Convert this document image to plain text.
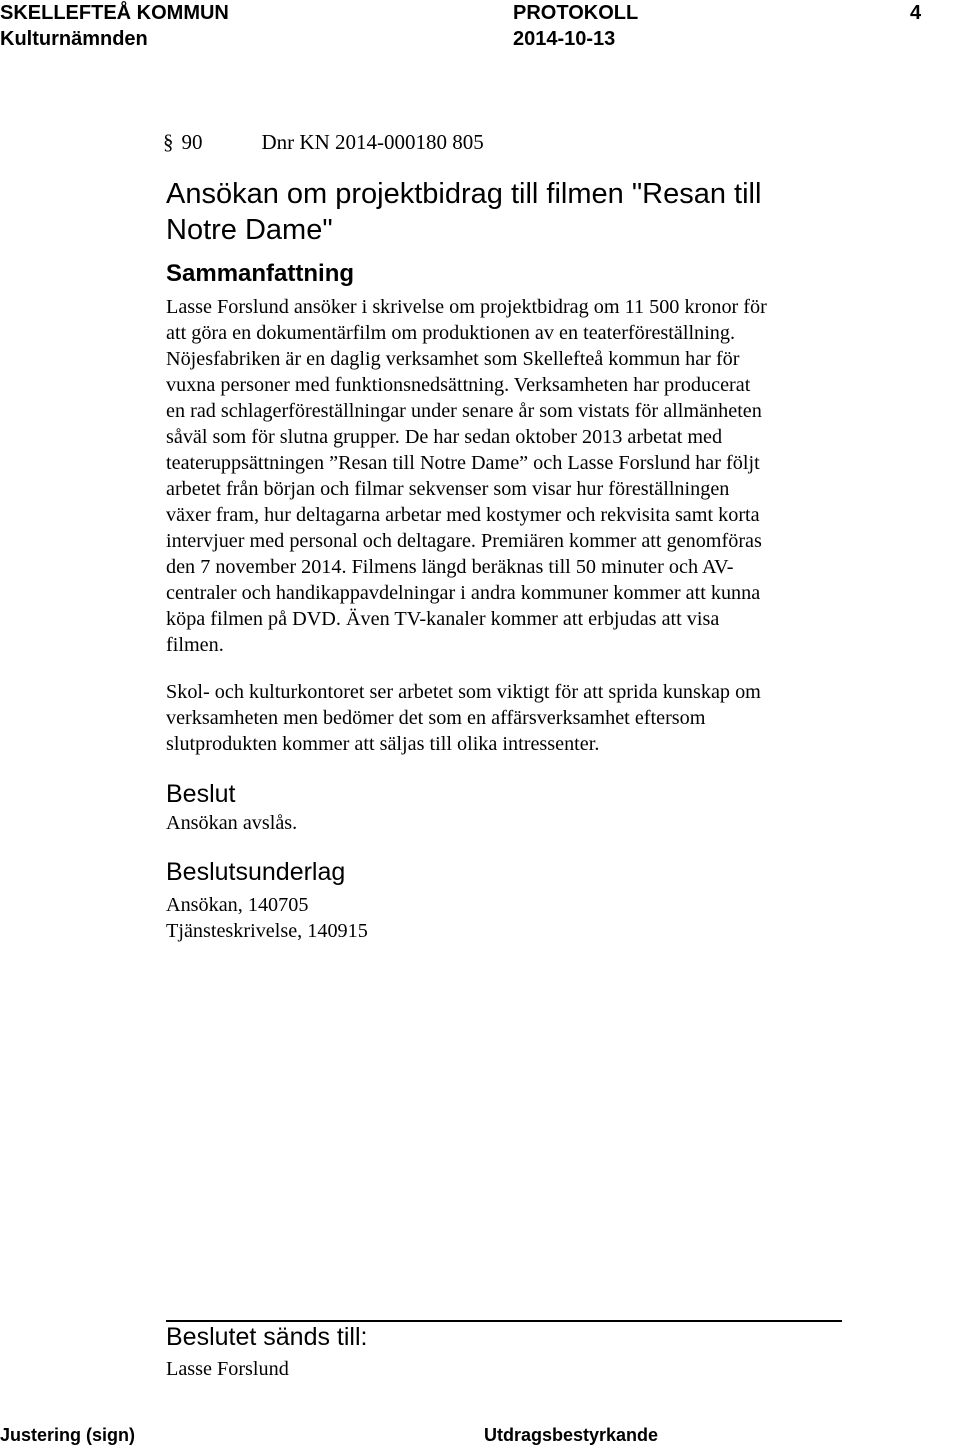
SKELLEFTEÅ KOMMUN	PROTOKOLL	4
Kulturnämnden	2014-10-13
§ 90	Dnr KN 2014-000180 805
Ansökan om projektbidrag till filmen "Resan till
Notre Dame"
Sammanfattning
Lasse Forslund ansöker i skrivelse om projektbidrag om 11 500 kronor för
att göra en dokumentärfilm om produktionen av en teaterföreställning.
Nöjesfabriken är en daglig verksamhet som Skellefteå kommun har för
vuxna personer med funktionsnedsättning. Verksamheten har producerat
en rad schlagerföreställningar under senare år som vistats för allmänheten
såväl som för slutna grupper. De har sedan oktober 2013 arbetat med
teateruppsättningen ”Resan till Notre Dame” och Lasse Forslund har följt
arbetet från början och filmar sekvenser som visar hur föreställningen
växer fram, hur deltagarna arbetar med kostymer och rekvisita samt korta
intervjuer med personal och deltagare. Premiären kommer att genomföras
den 7 november 2014. Filmens längd beräknas till 50 minuter och AV-
centraler och handikappavdelningar i andra kommuner kommer att kunna
köpa filmen på DVD. Även TV-kanaler kommer att erbjudas att visa
filmen.
Skol- och kulturkontoret ser arbetet som viktigt för att sprida kunskap om
verksamheten men bedömer det som en affärsverksamhet eftersom
slutprodukten kommer att säljas till olika intressenter.
Beslut
Ansökan avslås.
Beslutsunderlag
Ansökan, 140705
Tjänsteskrivelse, 140915
Beslutet sänds till:
Lasse Forslund
Justering (sign)	Utdragsbestyrkande
